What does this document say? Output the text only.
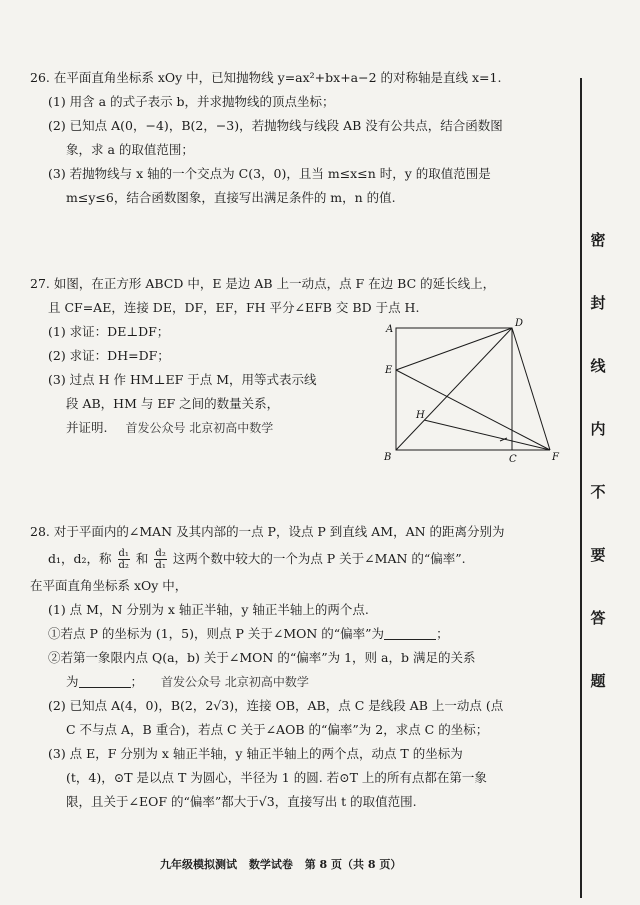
26. 在平面直角坐标系 xOy 中，已知抛物线 y=ax²+bx+a−2 的对称轴是直线 x=1.
(1) 用含 a 的式子表示 b，并求抛物线的顶点坐标；
(2) 已知点 A(0，−4)，B(2，−3)，若抛物线与线段 AB 没有公共点，结合函数图
象，求 a 的取值范围；
(3) 若抛物线与 x 轴的一个交点为 C(3，0)，且当 m≤x≤n 时，y 的取值范围是
m≤y≤6，结合函数图象，直接写出满足条件的 m，n 的值.
27. 如图，在正方形 ABCD 中，E 是边 AB 上一动点，点 F 在边 BC 的延长线上，
且 CF=AE，连接 DE，DF，EF，FH 平分∠EFB 交 BD 于点 H.
(1) 求证：DE⊥DF；
(2) 求证：DH=DF；
(3) 过点 H 作 HM⊥EF 于点 M，用等式表示线
段 AB，HM 与 EF 之间的数量关系，
并证明. 首发公众号 北京初高中数学
A
D
E
H
B	C	F
28. 对于平面内的∠MAN 及其内部的一点 P，设点 P 到直线 AM，AN 的距离分别为
d₁，d₂，称 $\frac{\text{d₁}}{\text{d₂}}$ 和 $\frac{\text{d₂}}{\text{d₁}}$ 这两个数中较大的一个为点 P 关于∠MAN 的“偏率”.
在平面直角坐标系 xOy 中，
(1) 点 M，N 分别为 x 轴正半轴，y 轴正半轴上的两个点.
①若点 P 的坐标为 (1，5)，则点 P 关于∠MON 的“偏率”为	；
②若第一象限内点 Q(a，b) 关于∠MON 的“偏率”为 1，则 a，b 满足的关系
为	； 首发公众号 北京初高中数学
(2) 已知点 A(4，0)，B(2，2√3)，连接 OB，AB，点 C 是线段 AB 上一动点 (点
C 不与点 A，B 重合)，若点 C 关于∠AOB 的“偏率”为 2，求点 C 的坐标；
(3) 点 E，F 分别为 x 轴正半轴，y 轴正半轴上的两个点，动点 T 的坐标为
(t，4)，⊙T 是以点 T 为圆心，半径为 1 的圆. 若⊙T 上的所有点都在第一象
限，且关于∠EOF 的“偏率”都大于√3，直接写出 t 的取值范围.
密
封
线
内
不
要
答
题
九年级模拟测试 数学试卷 第 8 页（共 8 页）
